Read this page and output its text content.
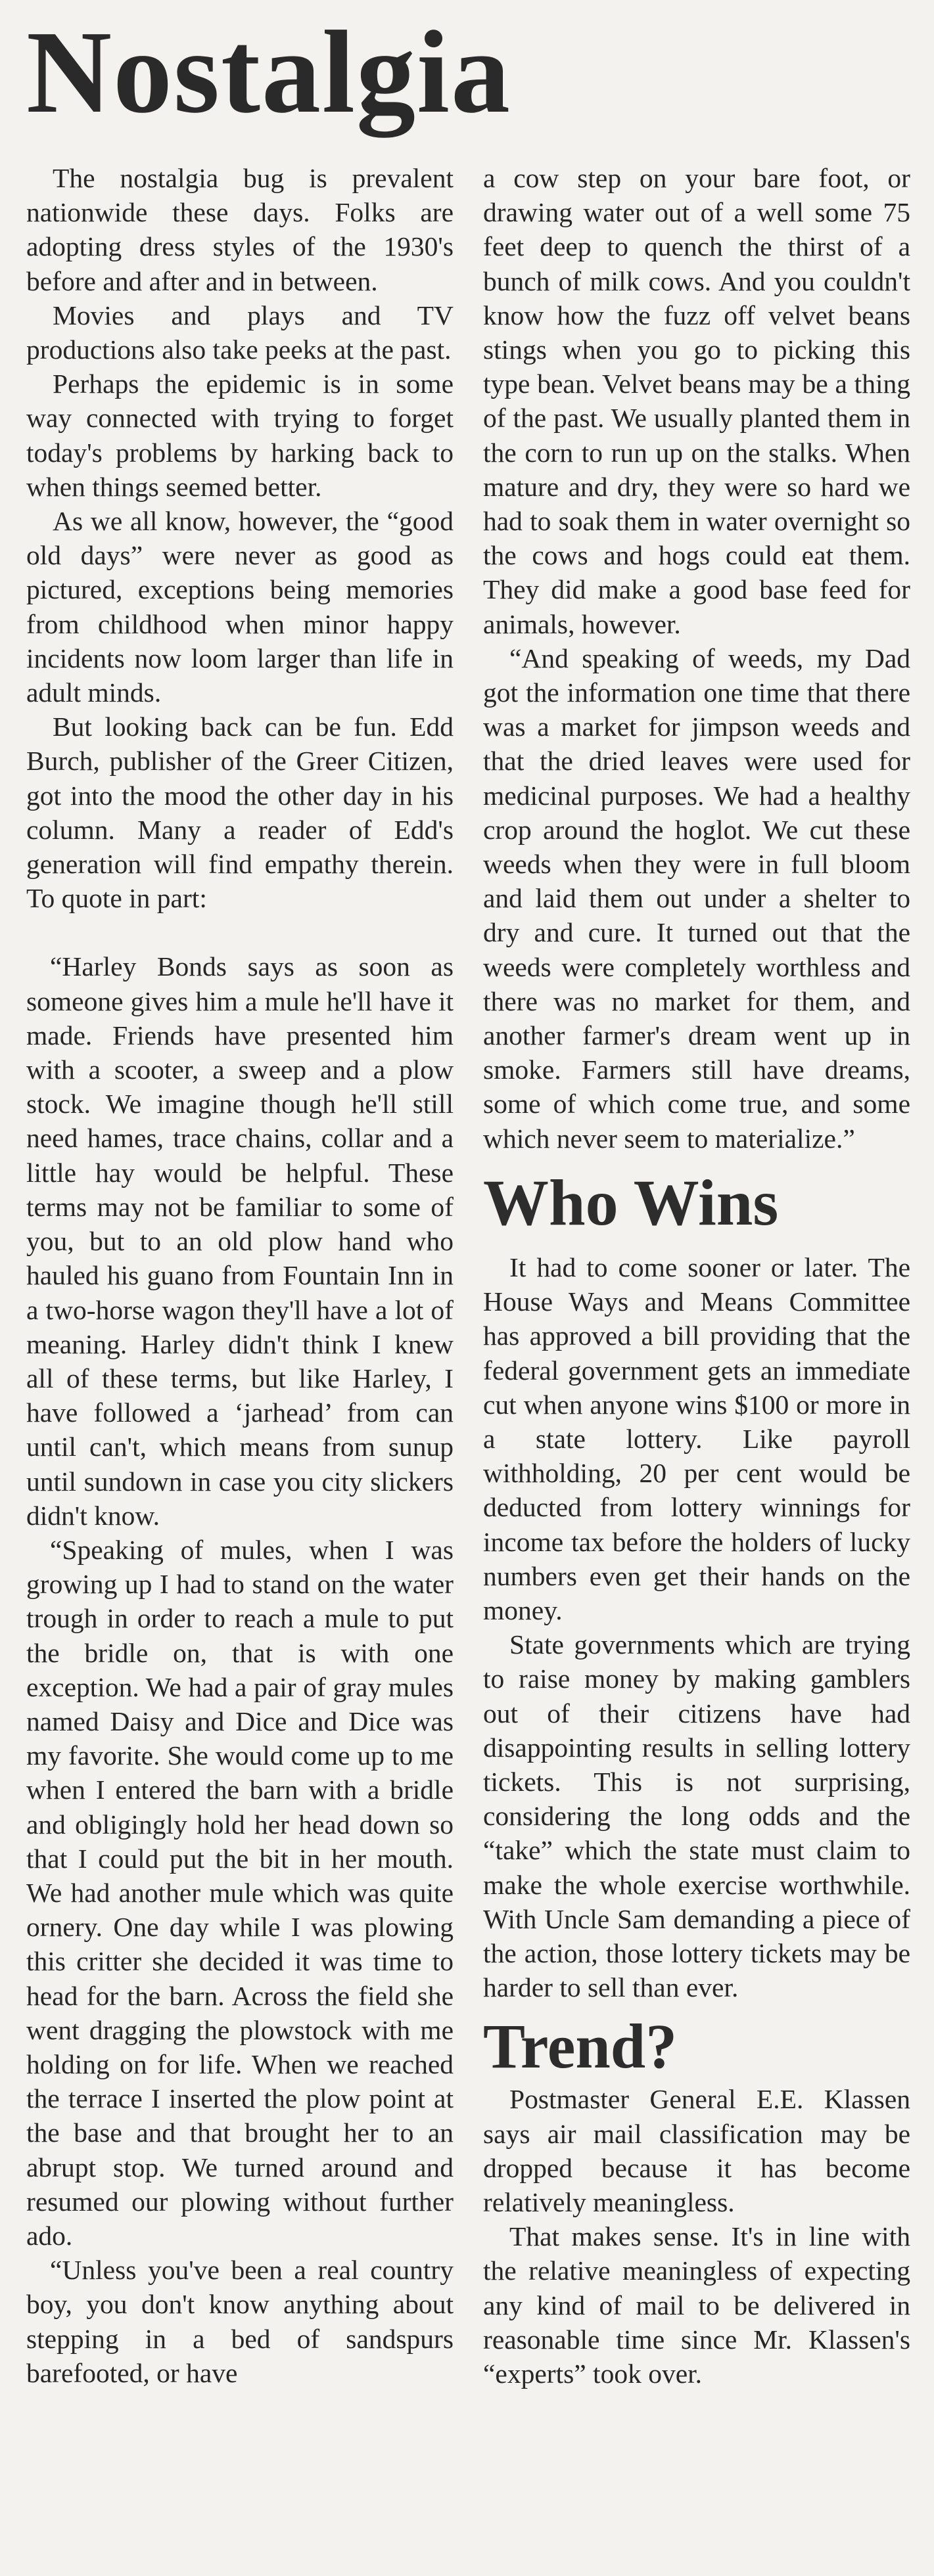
Nostalgia

The nostalgia bug is prevalent nationwide these days. Folks are adopting dress styles of the 1930's before and after and in between.

Movies and plays and TV productions also take peeks at the past.

Perhaps the epidemic is in some way connected with trying to forget today's problems by harking back to when things seemed better.

As we all know, however, the “good old days” were never as good as pictured, exceptions being memories from childhood when minor happy incidents now loom larger than life in adult minds.

But looking back can be fun. Edd Burch, publisher of the Greer Citizen, got into the mood the other day in his column. Many a reader of Edd's generation will find empathy therein. To quote in part:

“Harley Bonds says as soon as someone gives him a mule he'll have it made. Friends have presented him with a scooter, a sweep and a plow stock. We imagine though he'll still need hames, trace chains, collar and a little hay would be helpful. These terms may not be familiar to some of you, but to an old plow hand who hauled his guano from Fountain Inn in a two-horse wagon they'll have a lot of meaning. Harley didn't think I knew all of these terms, but like Harley, I have followed a ‘jarhead’ from can until can't, which means from sunup until sundown in case you city slickers didn't know.

“Speaking of mules, when I was growing up I had to stand on the water trough in order to reach a mule to put the bridle on, that is with one exception. We had a pair of gray mules named Daisy and Dice and Dice was my favorite. She would come up to me when I entered the barn with a bridle and obligingly hold her head down so that I could put the bit in her mouth. We had another mule which was quite ornery. One day while I was plowing this critter she decided it was time to head for the barn. Across the field she went dragging the plowstock with me holding on for life. When we reached the terrace I inserted the plow point at the base and that brought her to an abrupt stop. We turned around and resumed our plowing without further ado.

“Unless you've been a real country boy, you don't know anything about stepping in a bed of sandspurs barefooted, or have

a cow step on your bare foot, or drawing water out of a well some 75 feet deep to quench the thirst of a bunch of milk cows. And you couldn't know how the fuzz off velvet beans stings when you go to picking this type bean. Velvet beans may be a thing of the past. We usually planted them in the corn to run up on the stalks. When mature and dry, they were so hard we had to soak them in water overnight so the cows and hogs could eat them. They did make a good base feed for animals, however.

“And speaking of weeds, my Dad got the information one time that there was a market for jimpson weeds and that the dried leaves were used for medicinal purposes. We had a healthy crop around the hoglot. We cut these weeds when they were in full bloom and laid them out under a shelter to dry and cure. It turned out that the weeds were completely worthless and there was no market for them, and another farmer's dream went up in smoke. Farmers still have dreams, some of which come true, and some which never seem to materialize.”

Who Wins

It had to come sooner or later. The House Ways and Means Committee has approved a bill providing that the federal government gets an immediate cut when anyone wins $100 or more in a state lottery. Like payroll withholding, 20 per cent would be deducted from lottery winnings for income tax before the holders of lucky numbers even get their hands on the money.

State governments which are trying to raise money by making gamblers out of their citizens have had disappointing results in selling lottery tickets. This is not surprising, considering the long odds and the “take” which the state must claim to make the whole exercise worthwhile. With Uncle Sam demanding a piece of the action, those lottery tickets may be harder to sell than ever.

Trend?

Postmaster General E.E. Klassen says air mail classification may be dropped because it has become relatively meaningless.

That makes sense. It's in line with the relative meaningless of expecting any kind of mail to be delivered in reasonable time since Mr. Klassen's “experts” took over.
